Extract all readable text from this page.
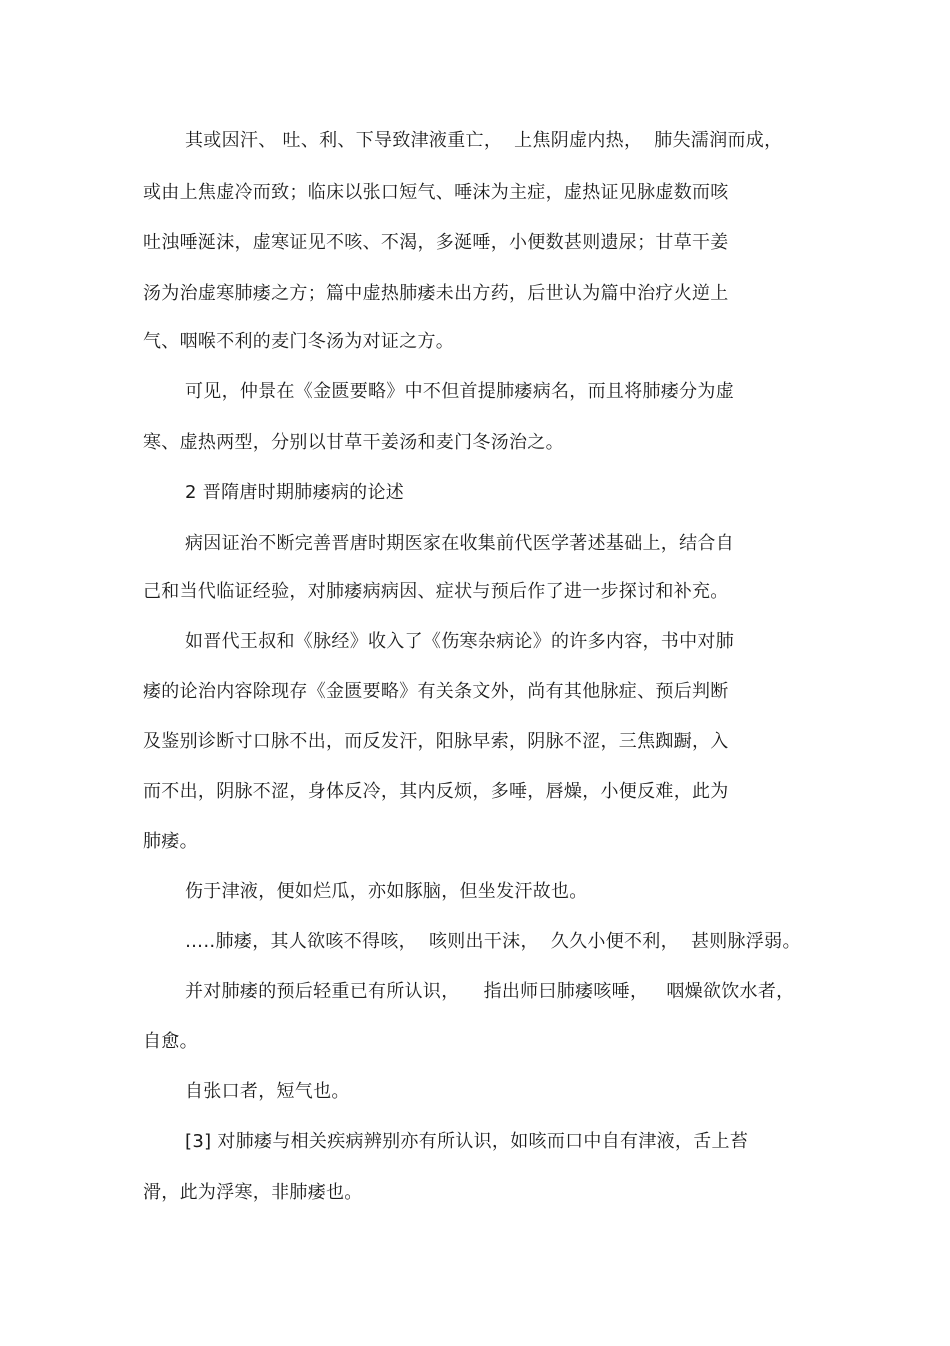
其或因汗、 吐、利、下导致津液重亡，  上焦阴虚内热，  肺失濡润而成，

或由上焦虚冷而致；临床以张口短气、唾沫为主症，虚热证见脉虚数而咳

吐浊唾涎沫，虚寒证见不咳、不渴，多涎唾，小便数甚则遗尿；甘草干姜

汤为治虚寒肺痿之方；篇中虚热肺痿未出方药，后世认为篇中治疗火逆上

气、咽喉不利的麦门冬汤为对证之方。

可见，仲景在《金匮要略》中不但首提肺痿病名，而且将肺痿分为虚

寒、虚热两型，分别以甘草干姜汤和麦门冬汤治之。

2 晋隋唐时期肺痿病的论述

病因证治不断完善晋唐时期医家在收集前代医学著述基础上，结合自

己和当代临证经验，对肺痿病病因、症状与预后作了进一步探讨和补充。

如晋代王叔和《脉经》收入了《伤寒杂病论》的许多内容，书中对肺

痿的论治内容除现存《金匮要略》有关条文外，尚有其他脉症、预后判断

及鉴别诊断寸口脉不出，而反发汗，阳脉早索，阴脉不涩，三焦踟蹰，入

而不出，阴脉不涩，身体反冷，其内反烦，多唾，唇燥，小便反难，此为

肺痿。

伤于津液，便如烂瓜，亦如豚脑，但坐发汗故也。

…‥肺痿，其人欲咳不得咳，  咳则出干沫，  久久小便不利，  甚则脉浮弱。

并对肺痿的预后轻重已有所认识，    指出师曰肺痿咳唾，   咽燥欲饮水者，

自愈。

自张口者，短气也。

[3] 对肺痿与相关疾病辨别亦有所认识，如咳而口中自有津液，舌上苔

滑，此为浮寒，非肺痿也。
